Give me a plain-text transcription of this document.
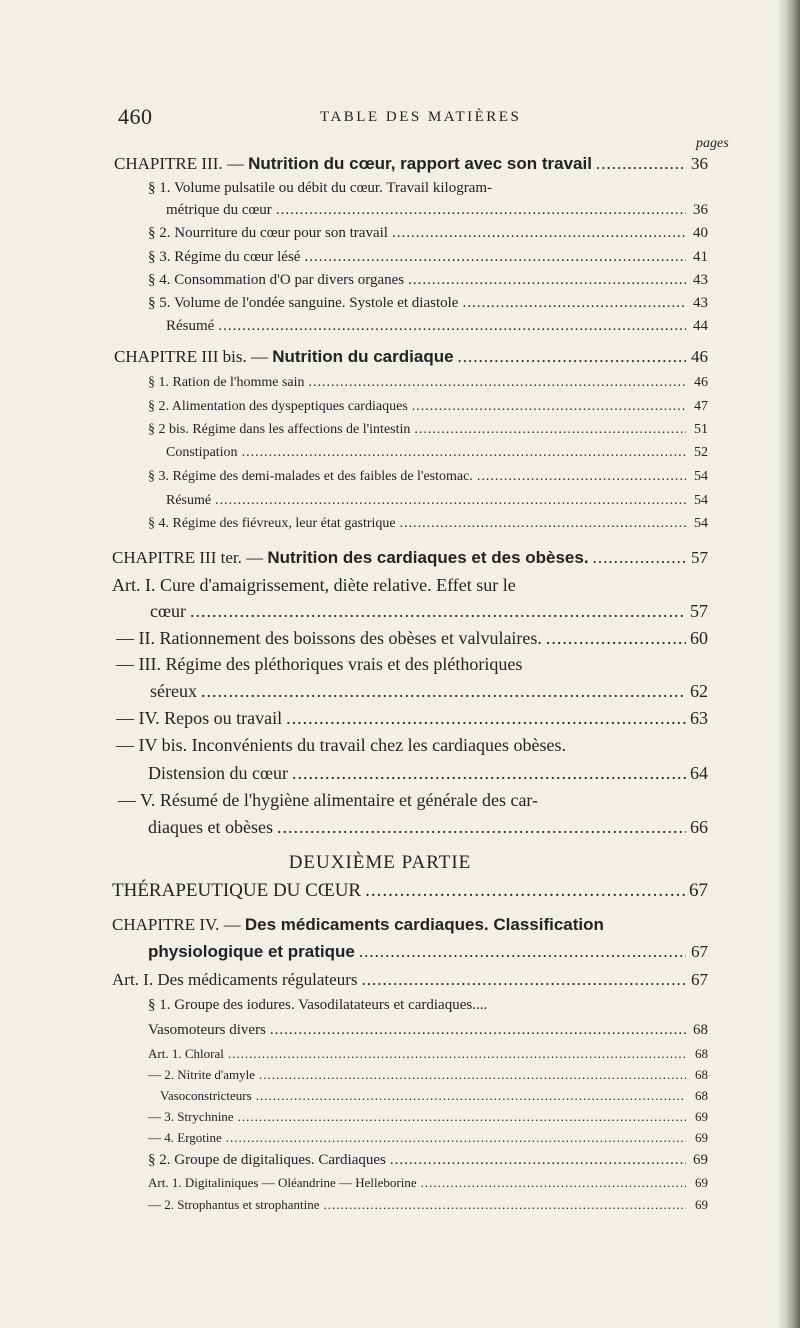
460	TABLE DES MATIÈRES
pages
CHAPITRE III. — Nutrition du cœur, rapport avec son travail .....	36
§ 1. Volume pulsatile ou débit du cœur. Travail kilogram-
métrique du cœur .....	36
§ 2. Nourriture du cœur pour son travail .....	40
§ 3. Régime du cœur lésé .....	41
§ 4. Consommation d'O par divers organes .....	43
§ 5. Volume de l'ondée sanguine. Systole et diastole .....	43
Résumé .....	44
CHAPITRE III bis. — Nutrition du cardiaque .....	46
§ 1. Ration de l'homme sain .....	46
§ 2. Alimentation des dyspeptiques cardiaques .....	47
§ 2 bis. Régime dans les affections de l'intestin .....	51
Constipation .....	52
§ 3. Régime des demi-malades et des faibles de l'estomac. .....	54
Résumé .....	54
§ 4. Régime des fiévreux, leur état gastrique .....	54
CHAPITRE III ter. — Nutrition des cardiaques et des obèses. .....	57
Art. I. Cure d'amaigrissement, diète relative. Effet sur le
cœur .....	57
— II. Rationnement des boissons des obèses et valvulaires. .....	60
— III. Régime des pléthoriques vrais et des pléthoriques
séreux .....	62
— IV. Repos ou travail .....	63
— IV bis. Inconvénients du travail chez les cardiaques obèses.
Distension du cœur .....	64
— V. Résumé de l'hygiène alimentaire et générale des car-
diaques et obèses .....	66
DEUXIÈME PARTIE
THÉRAPEUTIQUE DU CŒUR .....	67
CHAPITRE IV. — Des médicaments cardiaques. Classification
physiologique et pratique .....	67
Art. I. Des médicaments régulateurs .....	67
§ 1. Groupe des iodures. Vasodilatateurs et cardiaques....
Vasomoteurs divers .....	68
Art. 1. Chloral .....	68
— 2. Nitrite d'amyle .....	68
Vasoconstricteurs .....	68
— 3. Strychnine .....	69
— 4. Ergotine .....	69
§ 2. Groupe de digitaliques. Cardiaques .....	69
Art. 1. Digitaliniques — Oléandrine — Helleborine .....	69
— 2. Strophantus et strophantine .....	69
